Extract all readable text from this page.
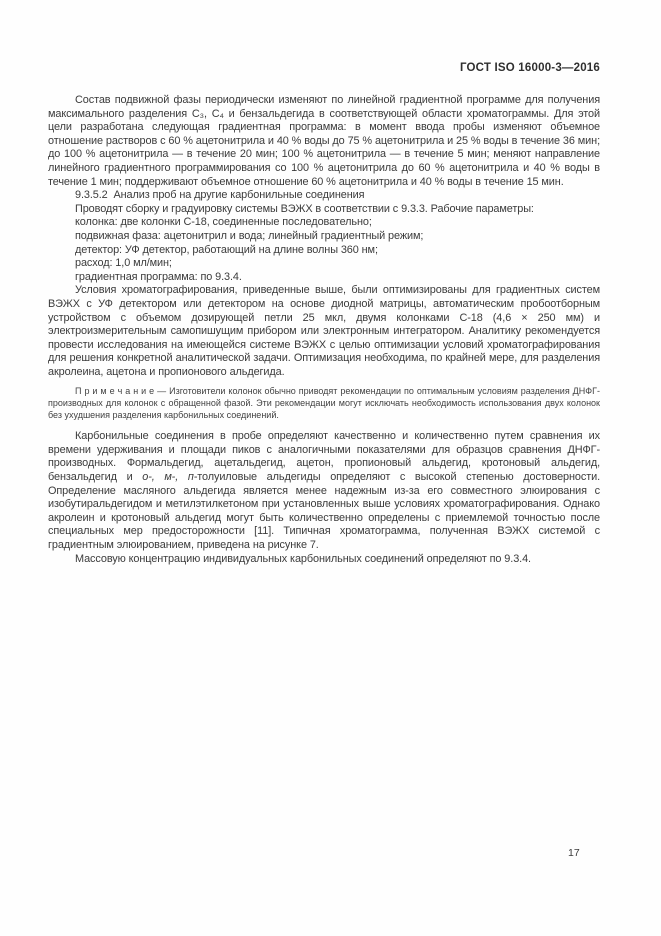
ГОСТ ISO 16000-3—2016

Состав подвижной фазы периодически изменяют по линейной градиентной программе для получения максимального разделения C₃, C₄ и бензальдегида в соответствующей области хроматограммы. Для этой цели разработана следующая градиентная программа: в момент ввода пробы изменяют объемное отношение растворов с 60 % ацетонитрила и 40 % воды до 75 % ацетонитрила и 25 % воды в течение 36 мин; до 100 % ацетонитрила — в течение 20 мин; 100 % ацетонитрила — в течение 5 мин; меняют направление линейного градиентного программирования со 100 % ацетонитрила до 60 % ацетонитрила и 40 % воды в течение 1 мин; поддерживают объемное отношение 60 % ацетонитрила и 40 % воды в течение 15 мин.

9.3.5.2  Анализ проб на другие карбонильные соединения

Проводят сборку и градуировку системы ВЭЖХ в соответствии с 9.3.3. Рабочие параметры:

колонка: две колонки С-18, соединенные последовательно;
подвижная фаза: ацетонитрил и вода; линейный градиентный режим;
детектор: УФ детектор, работающий на длине волны 360 нм;
расход: 1,0 мл/мин;
градиентная программа: по 9.3.4.

Условия хроматографирования, приведенные выше, были оптимизированы для градиентных систем ВЭЖХ с УФ детектором или детектором на основе диодной матрицы, автоматическим пробоотборным устройством с объемом дозирующей петли 25 мкл, двумя колонками С-18 (4,6 × 250 мм) и электроизмерительным самопишущим прибором или электронным интегратором. Аналитику рекомендуется провести исследования на имеющейся системе ВЭЖХ с целью оптимизации условий хроматографирования для решения конкретной аналитической задачи. Оптимизация необходима, по крайней мере, для разделения акролеина, ацетона и пропионового альдегида.

П р и м е ч а н и е — Изготовители колонок обычно приводят рекомендации по оптимальным условиям разделения ДНФГ-производных для колонок с обращенной фазой. Эти рекомендации могут исключать необходимость использования двух колонок без ухудшения разделения карбонильных соединений.

Карбонильные соединения в пробе определяют качественно и количественно путем сравнения их времени удерживания и площади пиков с аналогичными показателями для образцов сравнения ДНФГ-производных. Формальдегид, ацетальдегид, ацетон, пропионовый альдегид, кротоновый альдегид, бензальдегид и о-, м-, п-толуиловые альдегиды определяют с высокой степенью достоверности. Определение масляного альдегида является менее надежным из-за его совместного элюирования с изобутиральдегидом и метилэтилкетоном при установленных выше условиях хроматографирования. Однако акролеин и кротоновый альдегид могут быть количественно определены с приемлемой точностью после специальных мер предосторожности [11]. Типичная хроматограмма, полученная ВЭЖХ системой с градиентным элюированием, приведена на рисунке 7.

Массовую концентрацию индивидуальных карбонильных соединений определяют по 9.3.4.

17
